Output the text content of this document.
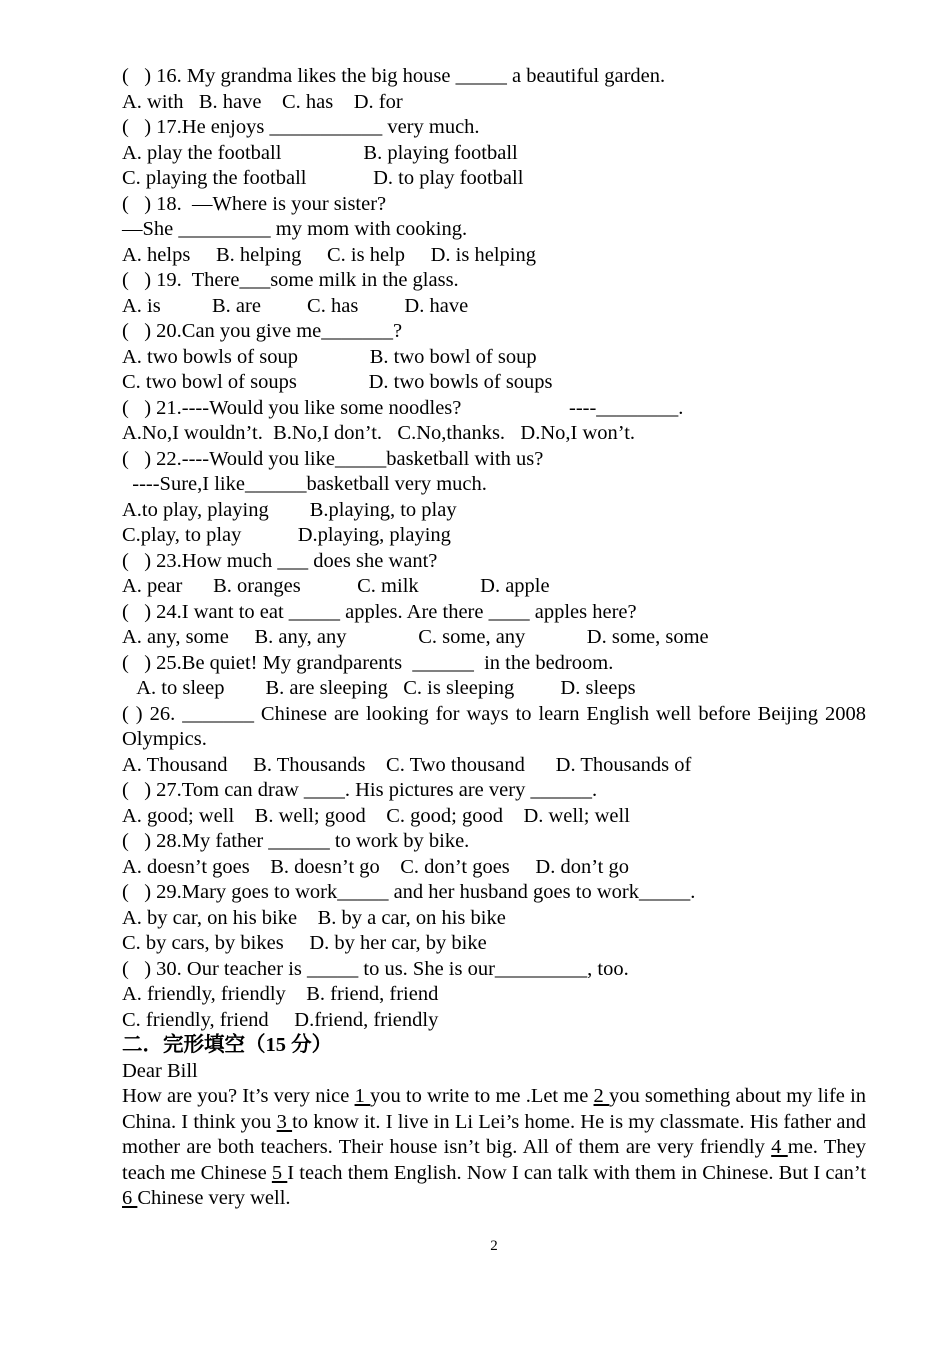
(   ) 16. My grandma likes the big house _____ a beautiful garden.
A. with   B. have    C. has    D. for
(   ) 17.He enjoys ___________ very much.
A. play the football                B. playing football
C. playing the football             D. to play football
(   ) 18.  —Where is your sister?
—She _________ my mom with cooking.
A. helps     B. helping     C. is help     D. is helping
(   ) 19.  There___some milk in the glass.
A. is          B. are         C. has         D. have
(   ) 20.Can you give me_______?
A. two bowls of soup              B. two bowl of soup
C. two bowl of soups              D. two bowls of soups
(   ) 21.----Would you like some noodles?                     ----________.
A.No,I wouldn’t.  B.No,I don’t.   C.No,thanks.   D.No,I won’t.
(   ) 22.----Would you like_____basketball with us?
----Sure,I like______basketball very much.
A.to play, playing        B.playing, to play
C.play, to play           D.playing, playing
(   ) 23.How much ___ does she want?
A. pear      B. oranges           C. milk            D. apple
(   ) 24.I want to eat _____ apples. Are there ____ apples here?
A. any, some     B. any, any              C. some, any            D. some, some
(   ) 25.Be quiet! My grandparents  ______  in the bedroom.
A. to sleep        B. are sleeping   C. is sleeping         D. sleeps
( ) 26. _______ Chinese are looking for ways to learn English well before Beijing 2008 Olympics.
A. Thousand     B. Thousands    C. Two thousand      D. Thousands of
(   ) 27.Tom can draw ____. His pictures are very ______.
A. good; well    B. well; good    C. good; good    D. well; well
(   ) 28.My father ______ to work by bike.
A. doesn’t goes    B. doesn’t go    C. don’t goes     D. don’t go
(   ) 29.Mary goes to work_____ and her husband goes to work_____.
A. by car, on his bike    B. by a car, on his bike
C. by cars, by bikes     D. by her car, by bike
(   ) 30. Our teacher is _____ to us. She is our_________, too.
A. friendly, friendly    B. friend, friend
C. friendly, friend     D.friend, friendly
二．完形填空（15 分）
Dear Bill
How are you? It’s very nice 1 you to write to me .Let me 2 you something about my life in China. I think you 3 to know it. I live in Li Lei’s home. He is my classmate. His father and mother are both teachers. Their house isn’t big. All of them are very friendly 4 me. They teach me Chinese 5 I teach them English. Now I can talk with them in Chinese. But I can’t 6 Chinese very well.
2
